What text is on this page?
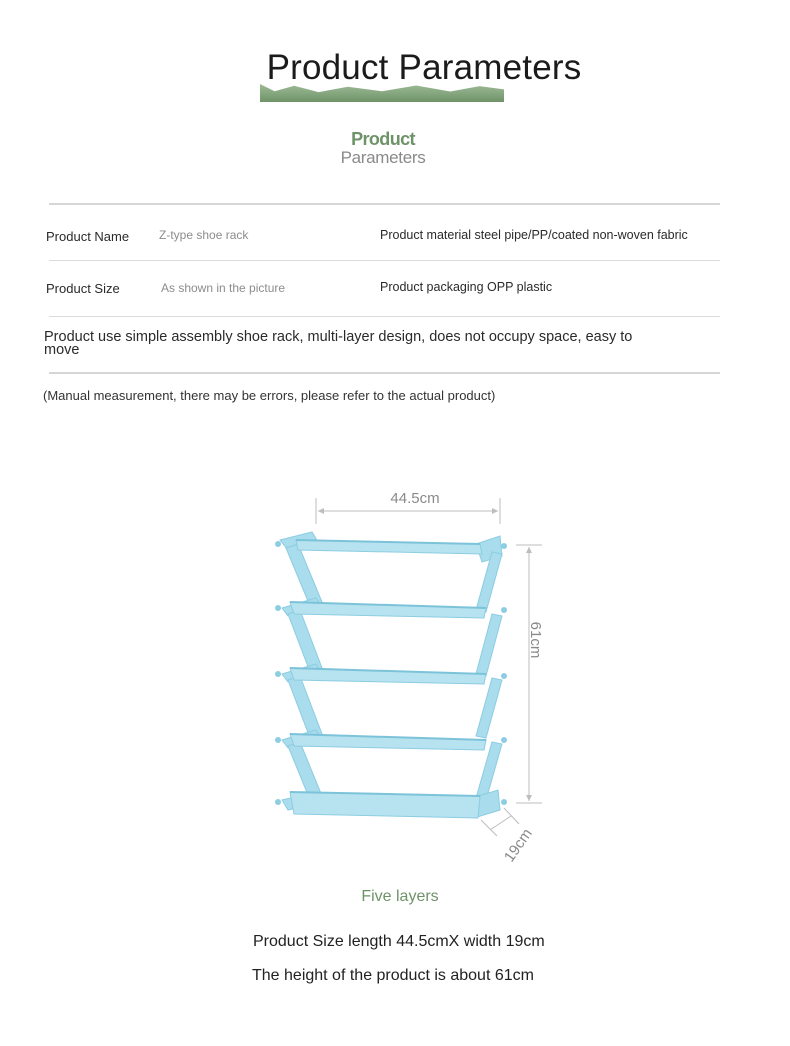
Product Parameters
Product
Parameters
Product Name Z-type shoe rack	Product material steel pipe/PP/coated non-woven fabric
Product Size	As shown in the picture	Product packaging OPP plastic
Product use simple assembly shoe rack, multi-layer design, does not occupy space, easy to
move
(Manual measurement, there may be errors, please refer to the actual product)
44.5cm
61cm
19cm
Five layers
Product Size length 44.5cmX width 19cm
The height of the product is about 61cm
